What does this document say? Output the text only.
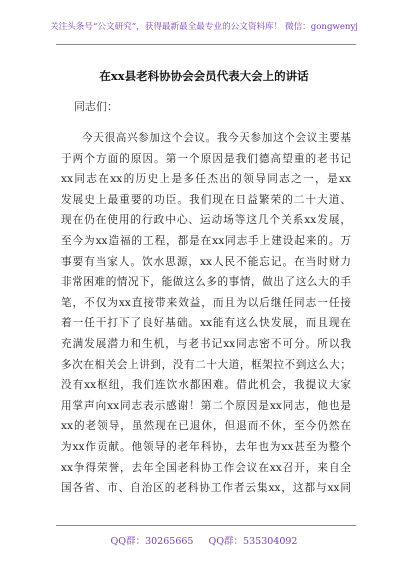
关注头条号“公文研究”，获得最新最全最专业的公文资料库！ 微信：gongwenyj
在xx县老科协协会会员代表大会上的讲话
同志们：
今天很高兴参加这个会议。我今天参加这个会议主要基
于两个方面的原因。第一个原因是我们德高望重的老书记
xx同志在xx的历史上是多任杰出的领导同志之一，是xx
发展史上最重要的功臣。我们现在日益繁荣的二十大道、
现在仍在使用的行政中心、运动场等这几个关系xx发展，
至今为xx造福的工程，都是在xx同志手上建设起来的。万
事要有当家人。饮水思源，xx人民不能忘记。在当时财力
非常困难的情况下，能做这么多的事情，做出了这么大的手
笔，不仅为xx直接带来效益，而且为以后继任同志一任接
着一任干打下了良好基础。xx能有这么快发展，而且现在
充满发展潜力和生机，与老书记xx同志密不可分。所以我
多次在相关会上讲到，没有二十大道，框架拉不到这么大；
没有xx枢纽，我们连饮水都困难。借此机会，我提议大家
用掌声向xx同志表示感谢！第二个原因是xx同志，他也是
xx的老领导，虽然现在已退休，但退而不休，至今仍然在
为xx作贡献。他领导的老年科协，去年也为xx甚至为整个
xx争得荣誉，去年全国老科协工作会议在xx召开，来自全
国各省、市、自治区的老科协工作者云集xx，这都与xx同
QQ群：30265665 QQ群：535304092
